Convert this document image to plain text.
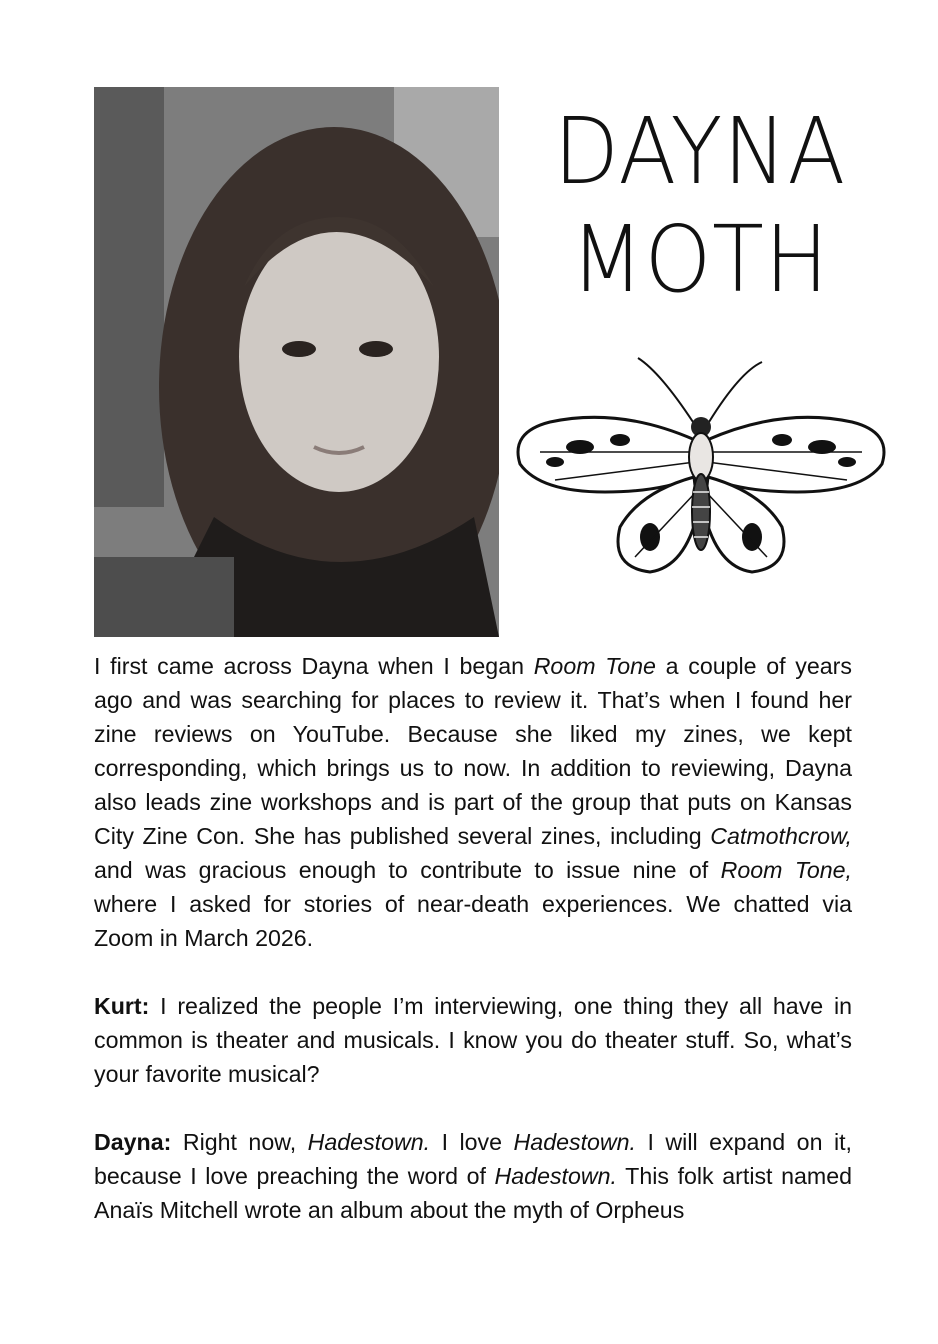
DAYNA
MOTH

I first came across Dayna when I began Room Tone a couple of years ago and was searching for places to review it. That’s when I found her zine reviews on YouTube. Because she liked my zines, we kept corresponding, which brings us to now. In addition to reviewing, Dayna also leads zine workshops and is part of the group that puts on Kansas City Zine Con. She has published several zines, including Catmothcrow, and was gracious enough to contribute to issue nine of Room Tone, where I asked for stories of near-death experiences. We chatted via Zoom in March 2026.

Kurt: I realized the people I’m interviewing, one thing they all have in common is theater and musicals. I know you do theater stuff. So, what’s your favorite musical?

Dayna: Right now, Hadestown. I love Hadestown. I will expand on it, because I love preaching the word of Hadestown. This folk artist named Anaïs Mitchell wrote an album about the myth of Orpheus
